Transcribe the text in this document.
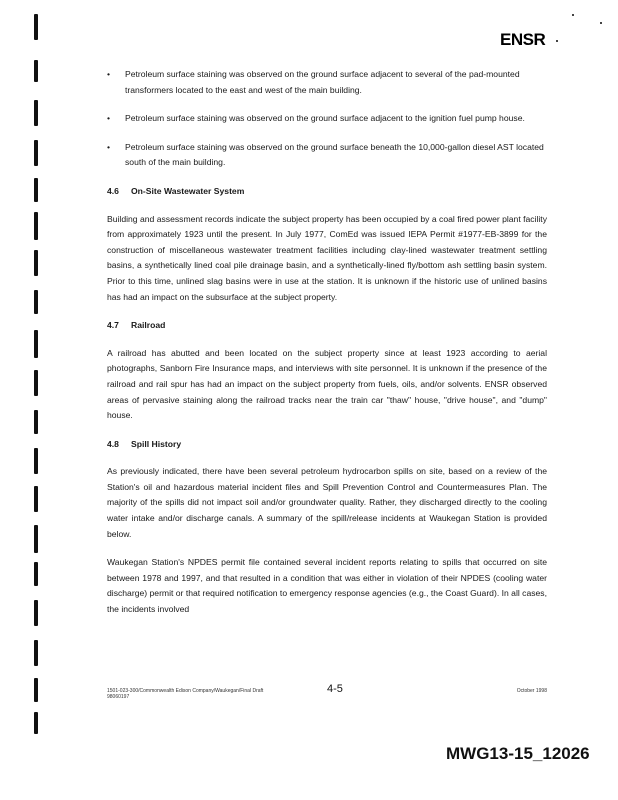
ENSR
• Petroleum surface staining was observed on the ground surface adjacent to several of the pad-mounted transformers located to the east and west of the main building.
• Petroleum surface staining was observed on the ground surface adjacent to the ignition fuel pump house.
• Petroleum surface staining was observed on the ground surface beneath the 10,000-gallon diesel AST located south of the main building.
4.6	On-Site Wastewater System

Building and assessment records indicate the subject property has been occupied by a coal fired power plant facility from approximately 1923 until the present. In July 1977, ComEd was issued IEPA Permit #1977-EB-3899 for the construction of miscellaneous wastewater treatment facilities including clay-lined wastewater treatment settling basins, a synthetically lined coal pile drainage basin, and a synthetically-lined fly/bottom ash settling basin system. Prior to this time, unlined slag basins were in use at the station. It is unknown if the historic use of unlined basins has had an impact on the subsurface at the subject property.

4.7	Railroad

A railroad has abutted and been located on the subject property since at least 1923 according to aerial photographs, Sanborn Fire Insurance maps, and interviews with site personnel. It is unknown if the presence of the railroad and rail spur has had an impact on the subject property from fuels, oils, and/or solvents. ENSR observed areas of pervasive staining along the railroad tracks near the train car "thaw" house, "drive house", and "dump" house.

4.8	Spill History

As previously indicated, there have been several petroleum hydrocarbon spills on site, based on a review of the Station's oil and hazardous material incident files and Spill Prevention Control and Countermeasures Plan. The majority of the spills did not impact soil and/or groundwater quality. Rather, they discharged directly to the cooling water intake and/or discharge canals. A summary of the spill/release incidents at Waukegan Station is provided below.

Waukegan Station's NPDES permit file contained several incident reports relating to spills that occurred on site between 1978 and 1997, and that resulted in a condition that was either in violation of their NPDES (cooling water discharge) permit or that required notification to emergency response agencies (e.g., the Coast Guard). In all cases, the incidents involved

1501-023-300/Commonwealth Edison Company/Waukegan/Final Draft
98060197
4-5	October 1998
MWG13-15_12026
